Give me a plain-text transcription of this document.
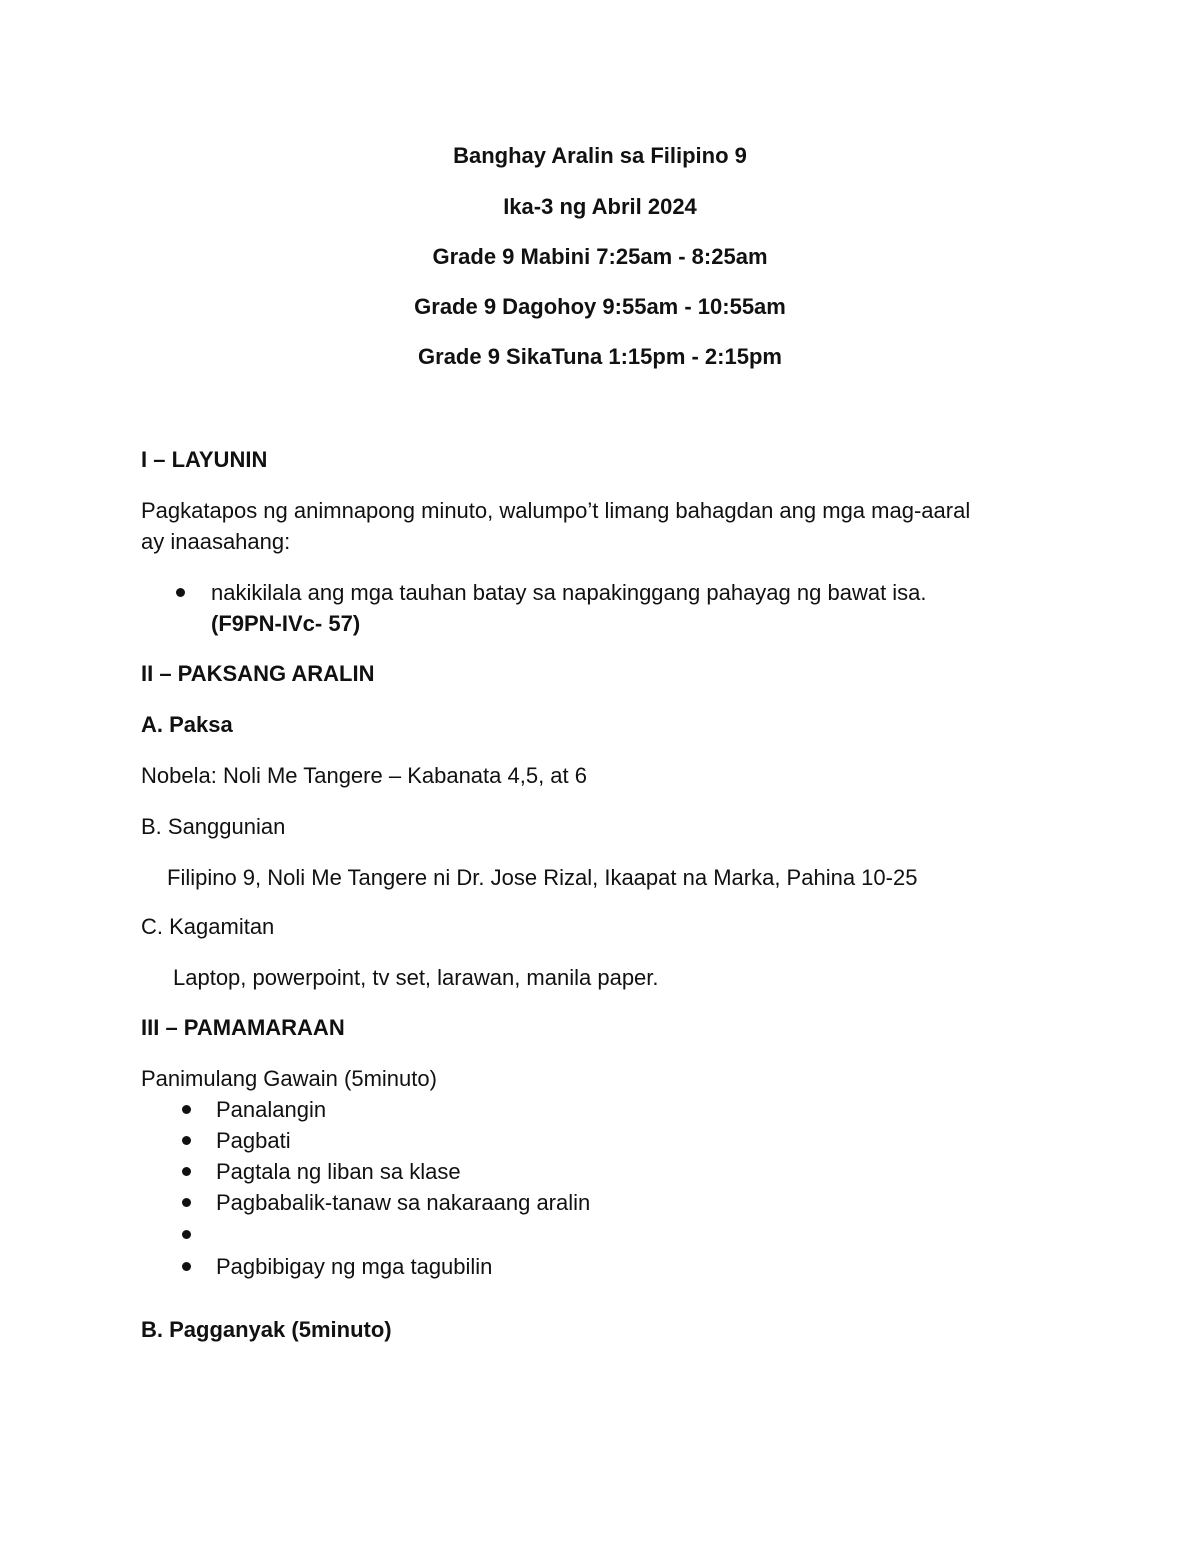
Banghay Aralin sa Filipino 9

Ika-3 ng Abril 2024

Grade 9 Mabini 7:25am - 8:25am

Grade 9 Dagohoy 9:55am - 10:55am

Grade 9 SikaTuna 1:15pm - 2:15pm

I – LAYUNIN

Pagkatapos ng animnapong minuto, walumpo’t limang bahagdan ang mga mag-aaral

ay inaasahang:

nakikilala ang mga tauhan batay sa napakinggang pahayag ng bawat isa.

(F9PN-IVc- 57)

II – PAKSANG ARALIN

A. Paksa

Nobela: Noli Me Tangere – Kabanata 4,5, at 6

B. Sanggunian

Filipino 9, Noli Me Tangere ni Dr. Jose Rizal, Ikaapat na Marka, Pahina 10-25

C. Kagamitan

Laptop, powerpoint, tv set, larawan, manila paper.

III – PAMAMARAAN

Panimulang Gawain (5minuto)

Panalangin

Pagbati

Pagtala ng liban sa klase

Pagbabalik-tanaw sa nakaraang aralin

Pagbibigay ng mga tagubilin

B. Pagganyak (5minuto)
